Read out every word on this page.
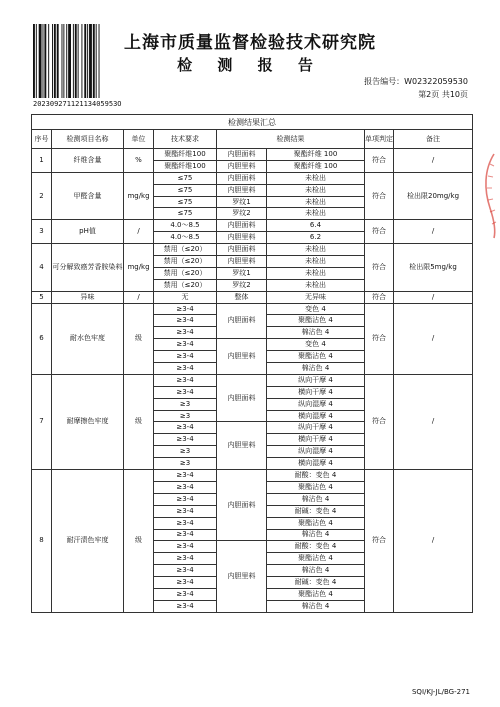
上海市质量监督检验技术研究院
检 测 报 告
20230927112113405953O
报告编号：W02322059530
第2页 共10页
检测结果汇总							
序号	检测项目名称	单位	技术要求	检测结果		单项判定	备注
1	纤维含量	%	聚酯纤维100	内胆面料	聚酯纤维 100	符合	/
			聚酯纤维100	内胆里料	聚酯纤维 100		
2	甲醛含量	mg/kg	≤75	内胆面料	未检出	符合	检出限20mg/kg
			≤75	内胆里料	未检出		
			≤75	罗纹1	未检出		
			≤75	罗纹2	未检出		
3	pH值	/	4.0～8.5	内胆面料	6.4	符合	/
			4.0～8.5	内胆里料	6.2		
4	可分解致癌芳香胺染料	mg/kg	禁用（≤20）	内胆面料	未检出	符合	检出限5mg/kg
			禁用（≤20）	内胆里料	未检出		
			禁用（≤20）	罗纹1	未检出		
			禁用（≤20）	罗纹2	未检出		
5	异味	/	无	整体	无异味	符合	/
6	耐水色牢度	级	≥3-4	内胆面料	变色 4	符合	/
			≥3-4		聚酯沾色 4		
			≥3-4		棉沾色 4		
			≥3-4	内胆里料	变色 4		
			≥3-4		聚酯沾色 4		
			≥3-4		棉沾色 4		
7	耐摩擦色牢度	级	≥3-4	内胆面料	纵向干摩 4	符合	/
			≥3-4		横向干摩 4		
			≥3		纵向湿摩 4		
			≥3		横向湿摩 4		
			≥3-4	内胆里料	纵向干摩 4		
			≥3-4		横向干摩 4		
			≥3		纵向湿摩 4		
			≥3		横向湿摩 4		
8	耐汗渍色牢度	级	≥3-4	内胆面料	耐酸：变色 4	符合	/
			≥3-4		聚酯沾色 4		
			≥3-4		棉沾色 4		
			≥3-4		耐碱：变色 4		
			≥3-4		聚酯沾色 4		
			≥3-4		棉沾色 4		
			≥3-4	内胆里料	耐酸：变色 4		
			≥3-4		聚酯沾色 4		
			≥3-4		棉沾色 4		
			≥3-4		耐碱：变色 4		
			≥3-4		聚酯沾色 4		
			≥3-4		棉沾色 4		
SQI/KJ-JL/BG-271
